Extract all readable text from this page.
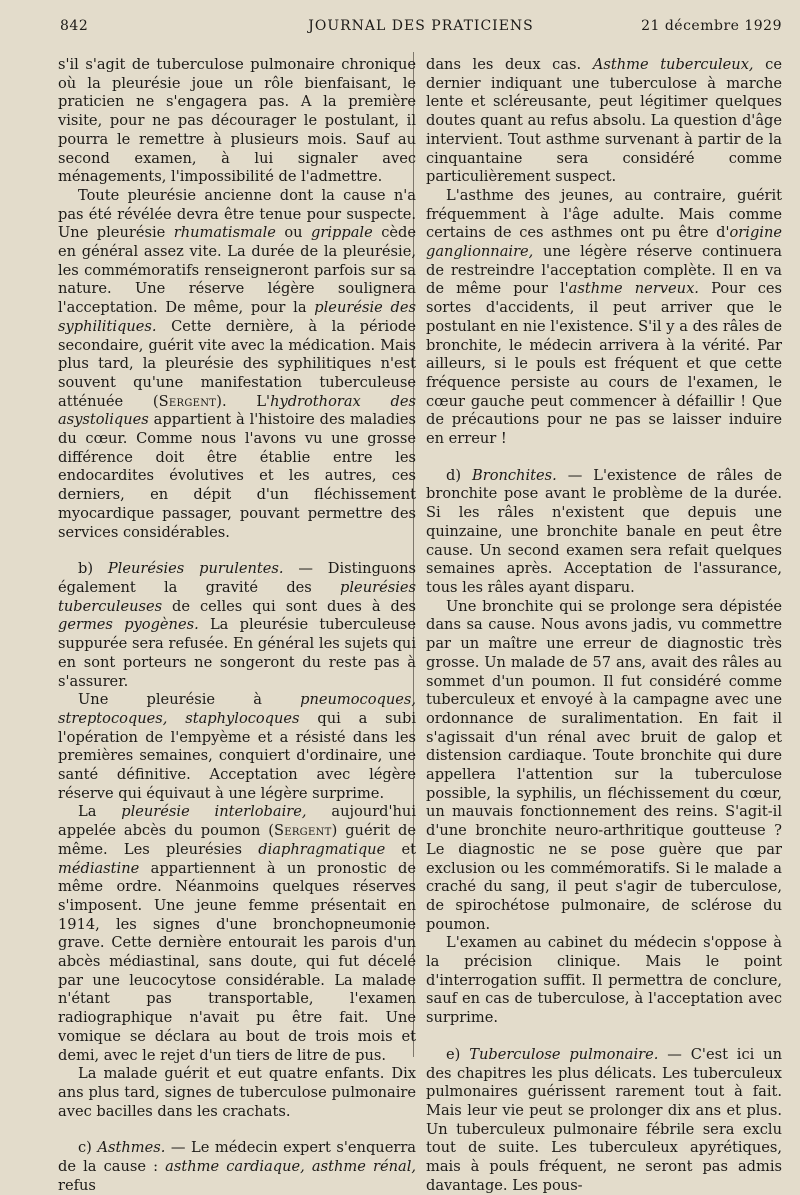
JOURNAL DES PRATICIENS
842	21 décembre 1929

s'il s'agit de tuberculose pulmonaire chronique où la pleurésie joue un rôle bienfaisant, le praticien ne s'engagera pas. A la première visite, pour ne pas décourager le postulant, il pourra le remettre à plusieurs mois. Sauf au second examen, à lui signaler avec ménagements, l'impossibilité de l'admettre.

Toute pleurésie ancienne dont la cause n'a pas été révélée devra être tenue pour suspecte. Une pleurésie rhumatismale ou grippale cède en général assez vite. La durée de la pleurésie, les commémoratifs renseigneront parfois sur sa nature. Une réserve légère soulignera l'acceptation. De même, pour la pleurésie des syphilitiques. Cette dernière, à la période secondaire, guérit vite avec la médication. Mais plus tard, la pleurésie des syphilitiques n'est souvent qu'une manifestation tuberculeuse atténuée (Sergent). L'hydrothorax des asystoliques appartient à l'histoire des maladies du cœur. Comme nous l'avons vu une grosse différence doit être établie entre les endocardites évolutives et les autres, ces derniers, en dépit d'un fléchissement myocardique passager, pouvant permettre des services considérables.

b) Pleurésies purulentes. — Distinguons également la gravité des pleurésies tuberculeuses de celles qui sont dues à des germes pyogènes. La pleurésie tuberculeuse suppurée sera refusée. En général les sujets qui en sont porteurs ne songeront du reste pas à s'assurer.

Une pleurésie à pneumocoques, streptocoques, staphylocoques qui a subi l'opération de l'empyème et a résisté dans les premières semaines, conquiert d'ordinaire, une santé définitive. Acceptation avec légère réserve qui équivaut à une légère surprime.

La pleurésie interlobaire, aujourd'hui appelée abcès du poumon (Sergent) guérit de même. Les pleurésies diaphragmatique et médiastine appartiennent à un pronostic de même ordre. Néanmoins quelques réserves s'imposent. Une jeune femme présentait en 1914, les signes d'une bronchopneumonie grave. Cette dernière entourait les parois d'un abcès médiastinal, sans doute, qui fut décelé par une leucocytose considérable. La malade n'étant pas transportable, l'examen radiographique n'avait pu être fait. Une vomique se déclara au bout de trois mois et demi, avec le rejet d'un tiers de litre de pus.

La malade guérit et eut quatre enfants. Dix ans plus tard, signes de tuberculose pulmonaire avec bacilles dans les crachats.

c) Asthmes. — Le médecin expert s'enquerra de la cause : asthme cardiaque, asthme rénal, refus

dans les deux cas. Asthme tuberculeux, ce dernier indiquant une tuberculose à marche lente et scléreusante, peut légitimer quelques doutes quant au refus absolu. La question d'âge intervient. Tout asthme survenant à partir de la cinquantaine sera considéré comme particulièrement suspect.

L'asthme des jeunes, au contraire, guérit fréquemment à l'âge adulte. Mais comme certains de ces asthmes ont pu être d'origine ganglionnaire, une légère réserve continuera de restreindre l'acceptation complète. Il en va de même pour l'asthme nerveux. Pour ces sortes d'accidents, il peut arriver que le postulant en nie l'existence. S'il y a des râles de bronchite, le médecin arrivera à la vérité. Par ailleurs, si le pouls est fréquent et que cette fréquence persiste au cours de l'examen, le cœur gauche peut commencer à défaillir ! Que de précautions pour ne pas se laisser induire en erreur !

d) Bronchites. — L'existence de râles de bronchite pose avant le problème de la durée. Si les râles n'existent que depuis une quinzaine, une bronchite banale en peut être cause. Un second examen sera refait quelques semaines après. Acceptation de l'assurance, tous les râles ayant disparu.

Une bronchite qui se prolonge sera dépistée dans sa cause. Nous avons jadis, vu commettre par un maître une erreur de diagnostic très grosse. Un malade de 57 ans, avait des râles au sommet d'un poumon. Il fut considéré comme tuberculeux et envoyé à la campagne avec une ordonnance de suralimentation. En fait il s'agissait d'un rénal avec bruit de galop et distension cardiaque. Toute bronchite qui dure appellera l'attention sur la tuberculose possible, la syphilis, un fléchissement du cœur, un mauvais fonctionnement des reins. S'agit-il d'une bronchite neuro-arthritique goutteuse ? Le diagnostic ne se pose guère que par exclusion ou les commémoratifs. Si le malade a craché du sang, il peut s'agir de tuberculose, de spirochétose pulmonaire, de sclérose du poumon.

L'examen au cabinet du médecin s'oppose à la précision clinique. Mais le point d'interrogation suffit. Il permettra de conclure, sauf en cas de tuberculose, à l'acceptation avec surprime.

e) Tuberculose pulmonaire. — C'est ici un des chapitres les plus délicats. Les tuberculeux pulmonaires guérissent rarement tout à fait. Mais leur vie peut se prolonger dix ans et plus. Un tuberculeux pulmonaire fébrile sera exclu tout de suite. Les tuberculeux apyrétiques, mais à pouls fréquent, ne seront pas admis davantage. Les pous-
